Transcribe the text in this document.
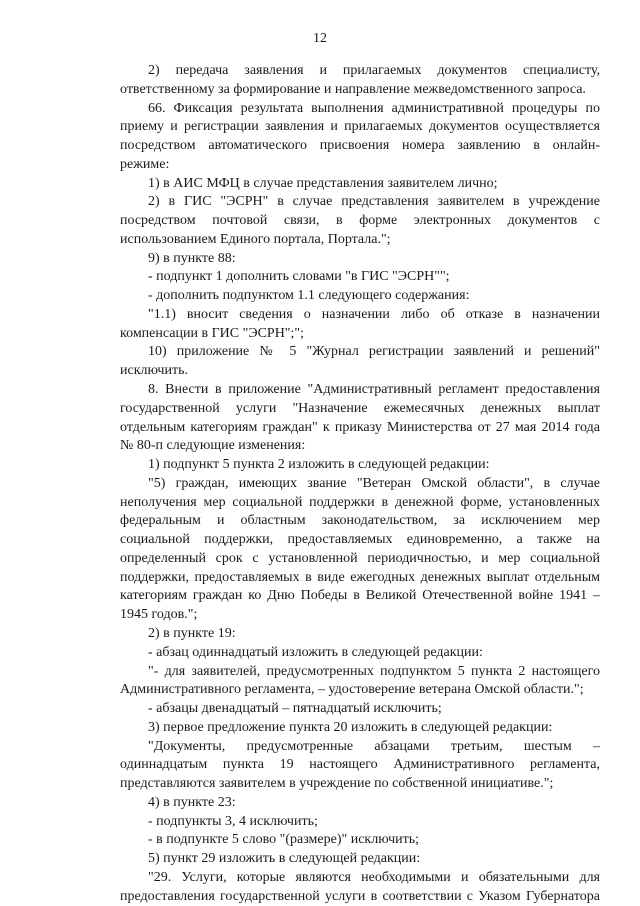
12
2) передача заявления и прилагаемых документов специалисту,
ответственному за формирование и направление межведомственного запроса.
66. Фиксация результата выполнения административной процедуры по
приему и регистрации заявления и прилагаемых документов осуществляется
посредством автоматического присвоения номера заявлению в онлайн-
режиме:
1) в АИС МФЦ в случае представления заявителем лично;
2) в ГИС "ЭСРН" в случае представления заявителем в учреждение
посредством почтовой связи, в форме электронных документов с
использованием Единого портала, Портала.";
9) в пункте 88:
- подпункт 1 дополнить словами "в ГИС "ЭСРН"";
- дополнить подпунктом 1.1 следующего содержания:
"1.1) вносит сведения о назначении либо об отказе в назначении
компенсации в ГИС "ЭСРН";";
10) приложение № 5 "Журнал регистрации заявлений и решений"
исключить.
8. Внести в приложение "Административный регламент предоставления
государственной услуги "Назначение ежемесячных денежных выплат
отдельным категориям граждан" к приказу Министерства от 27 мая 2014 года
№ 80-п следующие изменения:
1) подпункт 5 пункта 2 изложить в следующей редакции:
"5) граждан, имеющих звание "Ветеран Омской области", в случае
неполучения мер социальной поддержки в денежной форме, установленных
федеральным и областным законодательством, за исключением мер
социальной поддержки, предоставляемых единовременно, а также на
определенный срок с установленной периодичностью, и мер социальной
поддержки, предоставляемых в виде ежегодных денежных выплат отдельным
категориям граждан ко Дню Победы в Великой Отечественной войне 1941 –
1945 годов.";
2) в пункте 19:
- абзац одиннадцатый изложить в следующей редакции:
"- для заявителей, предусмотренных подпунктом 5 пункта 2 настоящего
Административного регламента, – удостоверение ветерана Омской области.";
- абзацы двенадцатый – пятнадцатый исключить;
3) первое предложение пункта 20 изложить в следующей редакции:
"Документы, предусмотренные абзацами третьим, шестым –
одиннадцатым пункта 19 настоящего Административного регламента,
представляются заявителем в учреждение по собственной инициативе.";
4) в пункте 23:
- подпункты 3, 4 исключить;
- в подпункте 5 слово "(размере)" исключить;
5) пункт 29 изложить в следующей редакции:
"29. Услуги, которые являются необходимыми и обязательными для
предоставления государственной услуги в соответствии с Указом Губернатора
